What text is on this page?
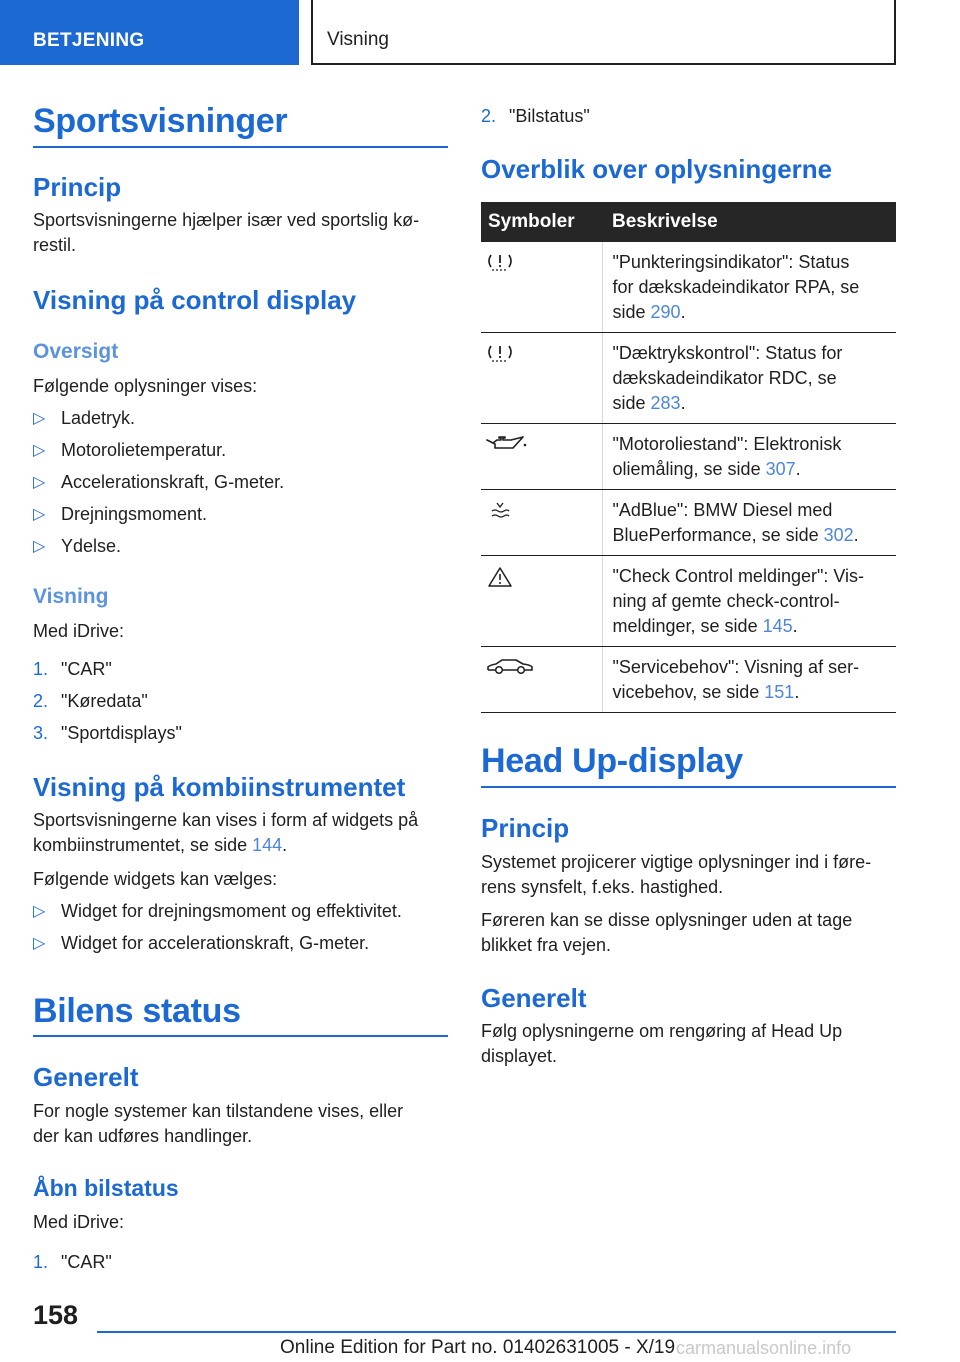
BETJENING	Visning
Sportsvisninger
Princip
Sportsvisningerne hjælper især ved sportslig kø-
restil.
Visning på control display
Oversigt
Følgende oplysninger vises:
▷ Ladetryk.
▷ Motorolietemperatur.
▷ Accelerationskraft, G-meter.
▷ Drejningsmoment.
▷ Ydelse.
Visning
Med iDrive:
1. "CAR"
2. "Køredata"
3. "Sportdisplays"
Visning på kombiinstrumentet
Sportsvisningerne kan vises i form af widgets på
kombiinstrumentet, se side 144.
Følgende widgets kan vælges:
▷ Widget for drejningsmoment og effektivitet.
▷ Widget for accelerationskraft, G-meter.
Bilens status
Generelt
For nogle systemer kan tilstandene vises, eller
der kan udføres handlinger.
Åbn bilstatus
Med iDrive:
1. "CAR"
2. "Bilstatus"
Overblik over oplysningerne
Symboler	Beskrivelse

"Punkteringsindikator": Status
for dækskadeindikator RPA, se
side 290.

"Dæktrykskontrol": Status for
dækskadeindikator RDC, se
side 283.

"Motoroliestand": Elektronisk
oliemåling, se side 307.

"AdBlue": BMW Diesel med
BluePerformance, se side 302.

"Check Control meldinger": Vis-
ning af gemte check-control-
meldinger, se side 145.

"Servicebehov": Visning af ser-
vicebehov, se side 151.
Head Up-display
Princip
Systemet projicerer vigtige oplysninger ind i føre-
rens synsfelt, f.eks. hastighed.
Føreren kan se disse oplysninger uden at tage
blikket fra vejen.
Generelt
Følg oplysningerne om rengøring af Head Up
displayet.
158
Online Edition for Part no. 01402631005 - X/19 carmanualsonline.info
